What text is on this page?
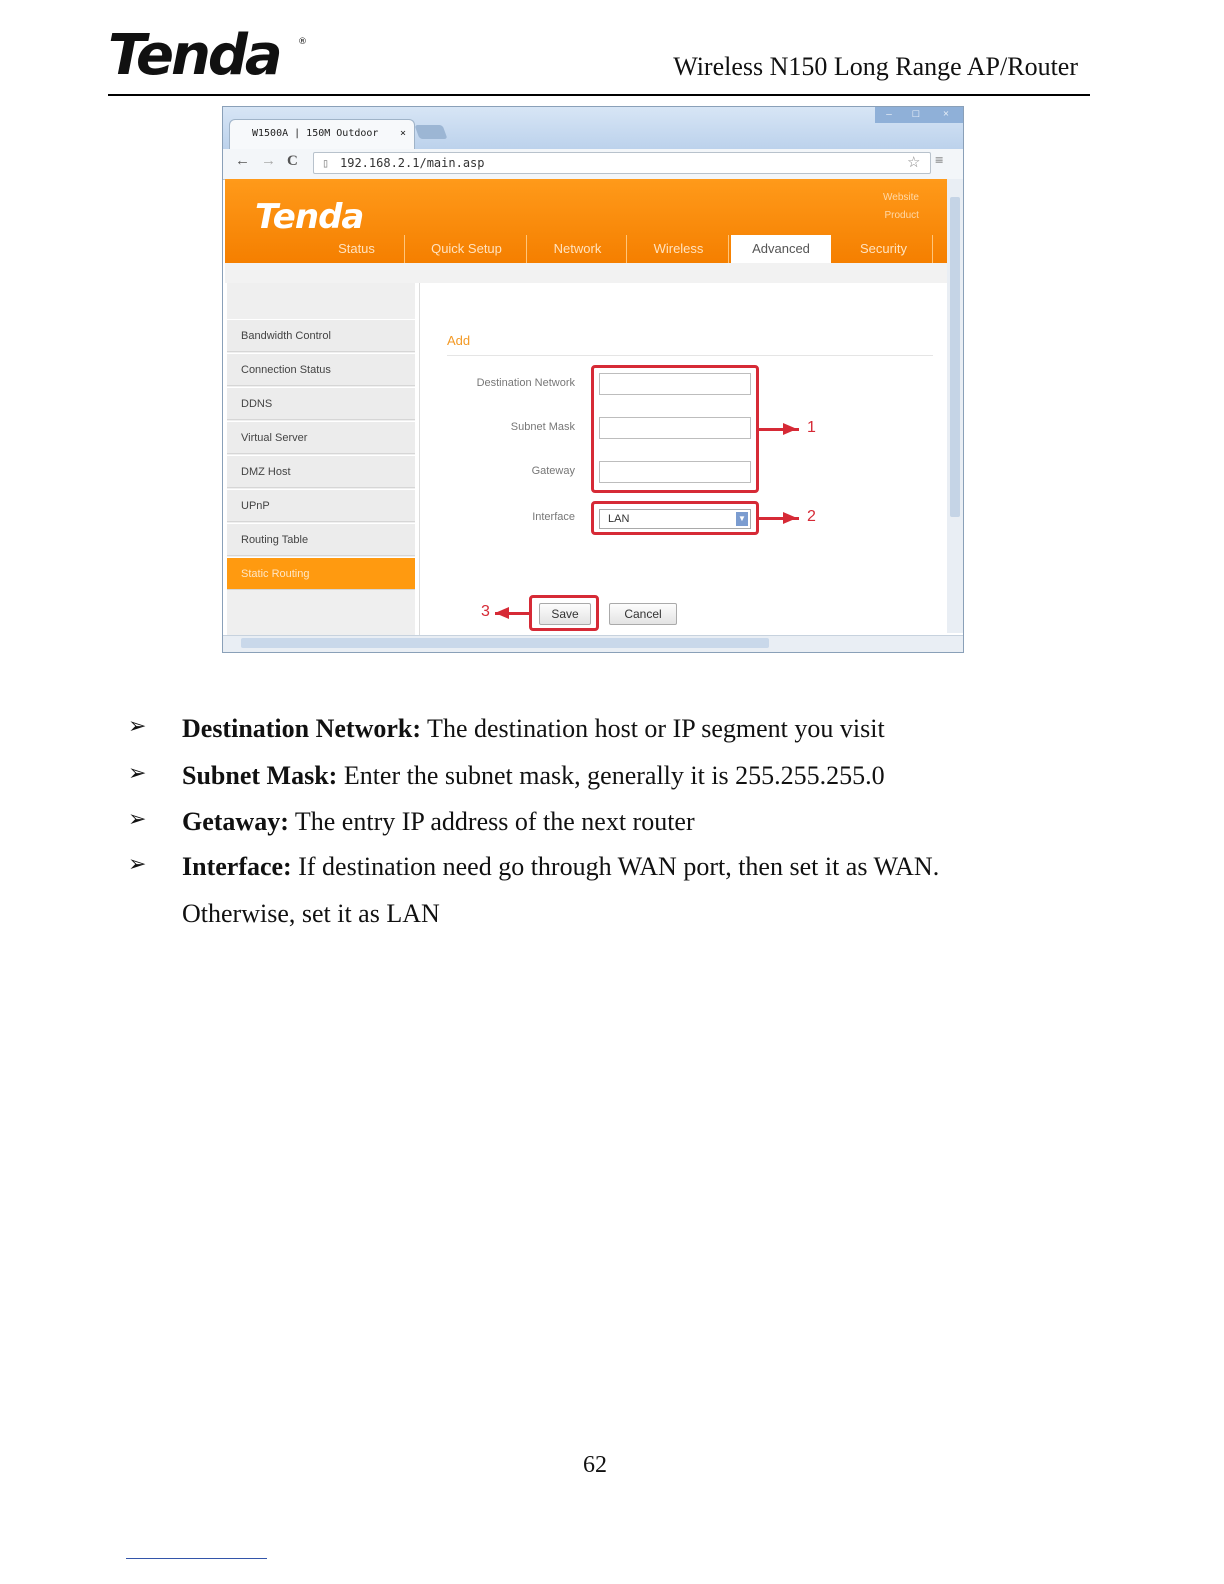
Tenda ®
Wireless N150 Long Range AP/Router
W1500A | 150M Outdoor ×
–	□	×
← → C ▯ 192.168.2.1/main.asp	☆ ≡
Tenda	Website
Product
Status	Quick Setup	Network	Wireless	Advanced	Security
Bandwidth Control
Connection Status
DDNS
Virtual Server
DMZ Host
UPnP
Routing Table
Static Routing
Add
Destination Network
Subnet Mask
Gateway
Interface	LAN	▼
1
2
3	Save	Cancel
➢ Destination Network: The destination host or IP segment you visit
➢ Subnet Mask: Enter the subnet mask, generally it is 255.255.255.0
➢ Getaway: The entry IP address of the next router
➢ Interface: If destination need go through WAN port, then set it as WAN.
Otherwise, set it as LAN
62
